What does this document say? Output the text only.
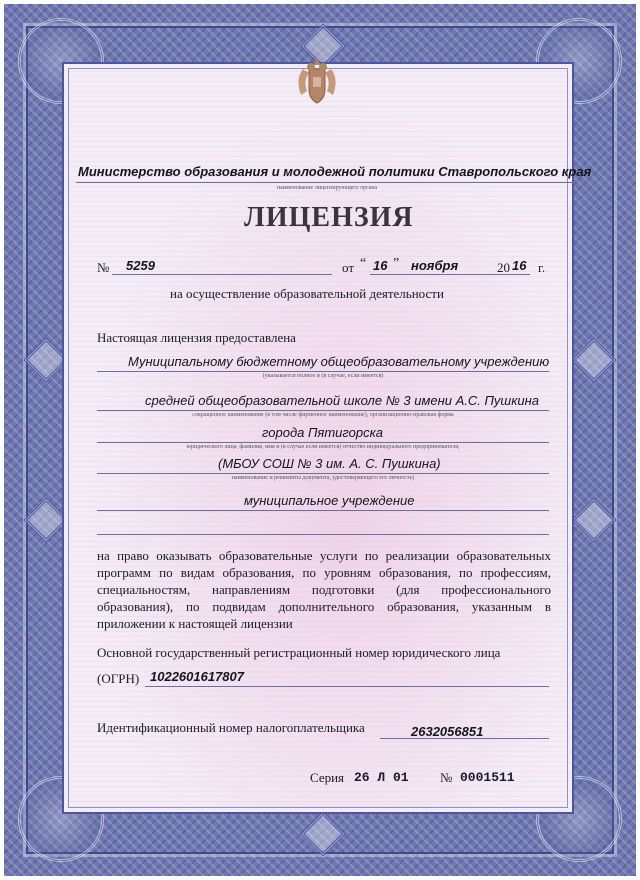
Министерство образования и молодежной политики Ставропольского края
наименование лицензирующего органа
ЛИЦЕНЗИЯ
№ 5259	от “ 16 ” ноября	20 16 г.
на осуществление образовательной деятельности
Настоящая лицензия предоставлена
Муниципальному бюджетному общеобразовательному учреждению
(указывается полное и (в случае, если имеется)
средней общеобразовательной школе № 3 имени А.С. Пушкина
сокращенное наименование (в том числе фирменное наименование), организационно-правовая форма
города Пятигорска
юридического лица, фамилия, имя и (в случае если имеется) отчество индивидуального предпринимателя,
(МБОУ СОШ № 3 им. А. С. Пушкина)
наименование и реквизиты документа, удостоверяющего его личность)
муниципальное учреждение
на право оказывать образовательные услуги по реализации образовательных программ по видам образования, по уровням образования, по профессиям, специальностям, направлениям подготовки (для профессионального образования), по подвидам дополнительного образования, указанным в приложении к настоящей лицензии
Основной государственный регистрационный номер юридического лица
(ОГРН) 1022601617807
Идентификационный номер налогоплательщика	2632056851
Серия 26 Л 01 № 0001511
